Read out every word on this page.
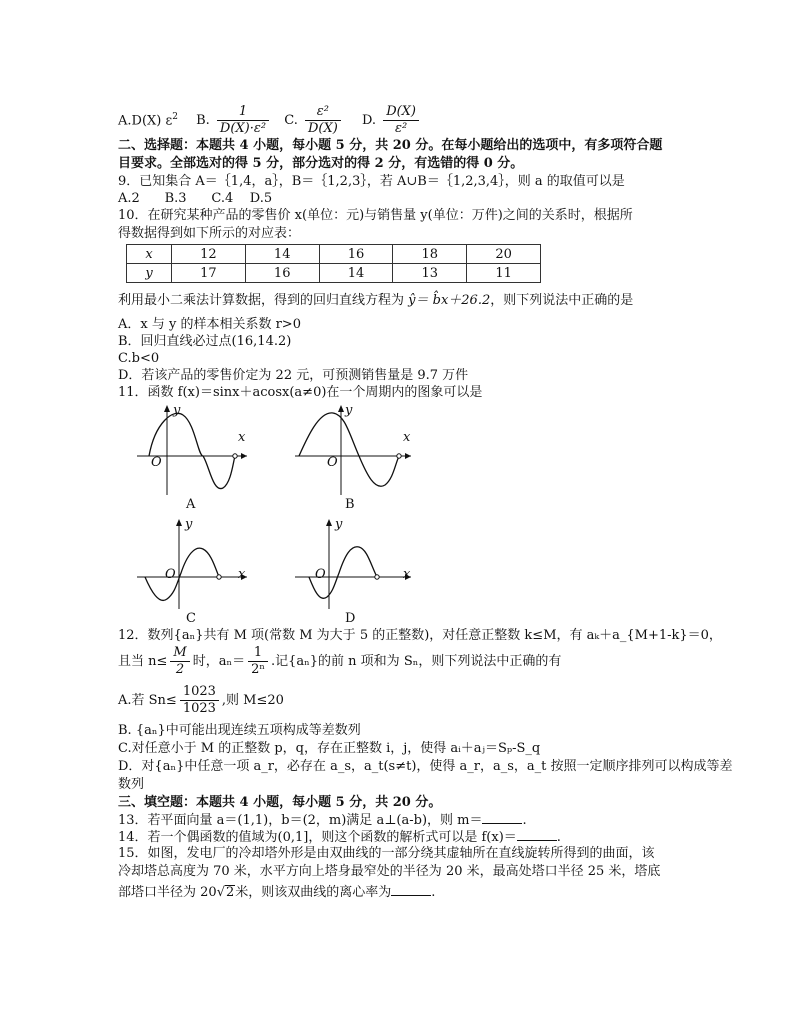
A.D(X) $\varepsilon^2$ B. $\frac{1}{\text{D(X)·ε²}} C$. $\frac{\text{ε²}}{D(X)} D$. $\frac{D(X)}{\text{ε²}}$
二、选择题：本题共 4 小题，每小题 5 分，共 20 分。在每小题给出的选项中，有多项符合题
目要求。全部选对的得 5 分，部分选对的得 2 分，有选错的得 0 分。
9．已知集合 A＝｛1,4，a｝，B＝｛1,2,3｝，若 A∪B＝｛1,2,3,4｝，则 a 的取值可以是
A.2      B.3      C.4    D.5
10．在研究某种产品的零售价 x(单位：元)与销售量 y(单位：万件)之间的关系时，根据所
得数据得到如下所示的对应表：
x	12	14	16	18	20
y	17	16	14	13	11
利用最小二乘法计算数据，得到的回归直线方程为 ŷ＝ b̂x＋26.2，则下列说法中正确的是
A．x 与 y 的样本相关系数 r>0
B．回归直线必过点(16,14.2)
C.b<0
D．若该产品的零售价定为 22 元，可预测销售量是 9.7 万件
11．函数 f(x)＝sinx＋acosx(a≠0)在一个周期内的图象可以是
y
O
x
A
y
O
x
B
y
O	x
C
y
O	x
D
12．数列{aₙ}共有 M 项(常数 M 为大于 5 的正整数)，对任意正整数 k≤M，有 aₖ＋a_{M+1-k}＝0，
且当 $n\le \frac{M}{2}$ 时，$a_n= \frac{1}{\text{2ⁿ}}$ .记{aₙ}的前 n 项和为 Sₙ，则下列说法中正确的有
A.若 $Sn\le \frac{1023}{1023}$ ,则 M≤20
B. {aₙ}中可能出现连续五项构成等差数列
C.对任意小于 M 的正整数 p，q，存在正整数 i，j，使得 aᵢ＋aⱼ＝Sₚ-S_q
D．对{aₙ}中任意一项 a_r，必存在 a_s，a_t(s≠t)，使得 a_r，a_s，a_t 按照一定顺序排列可以构成等差
数列
三、填空题：本题共 4 小题，每小题 5 分，共 20 分。
13．若平面向量 a＝(1,1)，b＝(2，m)满足 a⊥(a-b)，则 m＝	.
14．若一个偶函数的值域为(0,1]，则这个函数的解析式可以是 f(x)＝	.
15．如图，发电厂的冷却塔外形是由双曲线的一部分绕其虚轴所在直线旋转所得到的曲面，该
冷却塔总高度为 70 米，水平方向上塔身最窄处的半径为 20 米，最高处塔口半径 25 米，塔底
部塔口半径为 20√2米，则该双曲线的离心率为	.
